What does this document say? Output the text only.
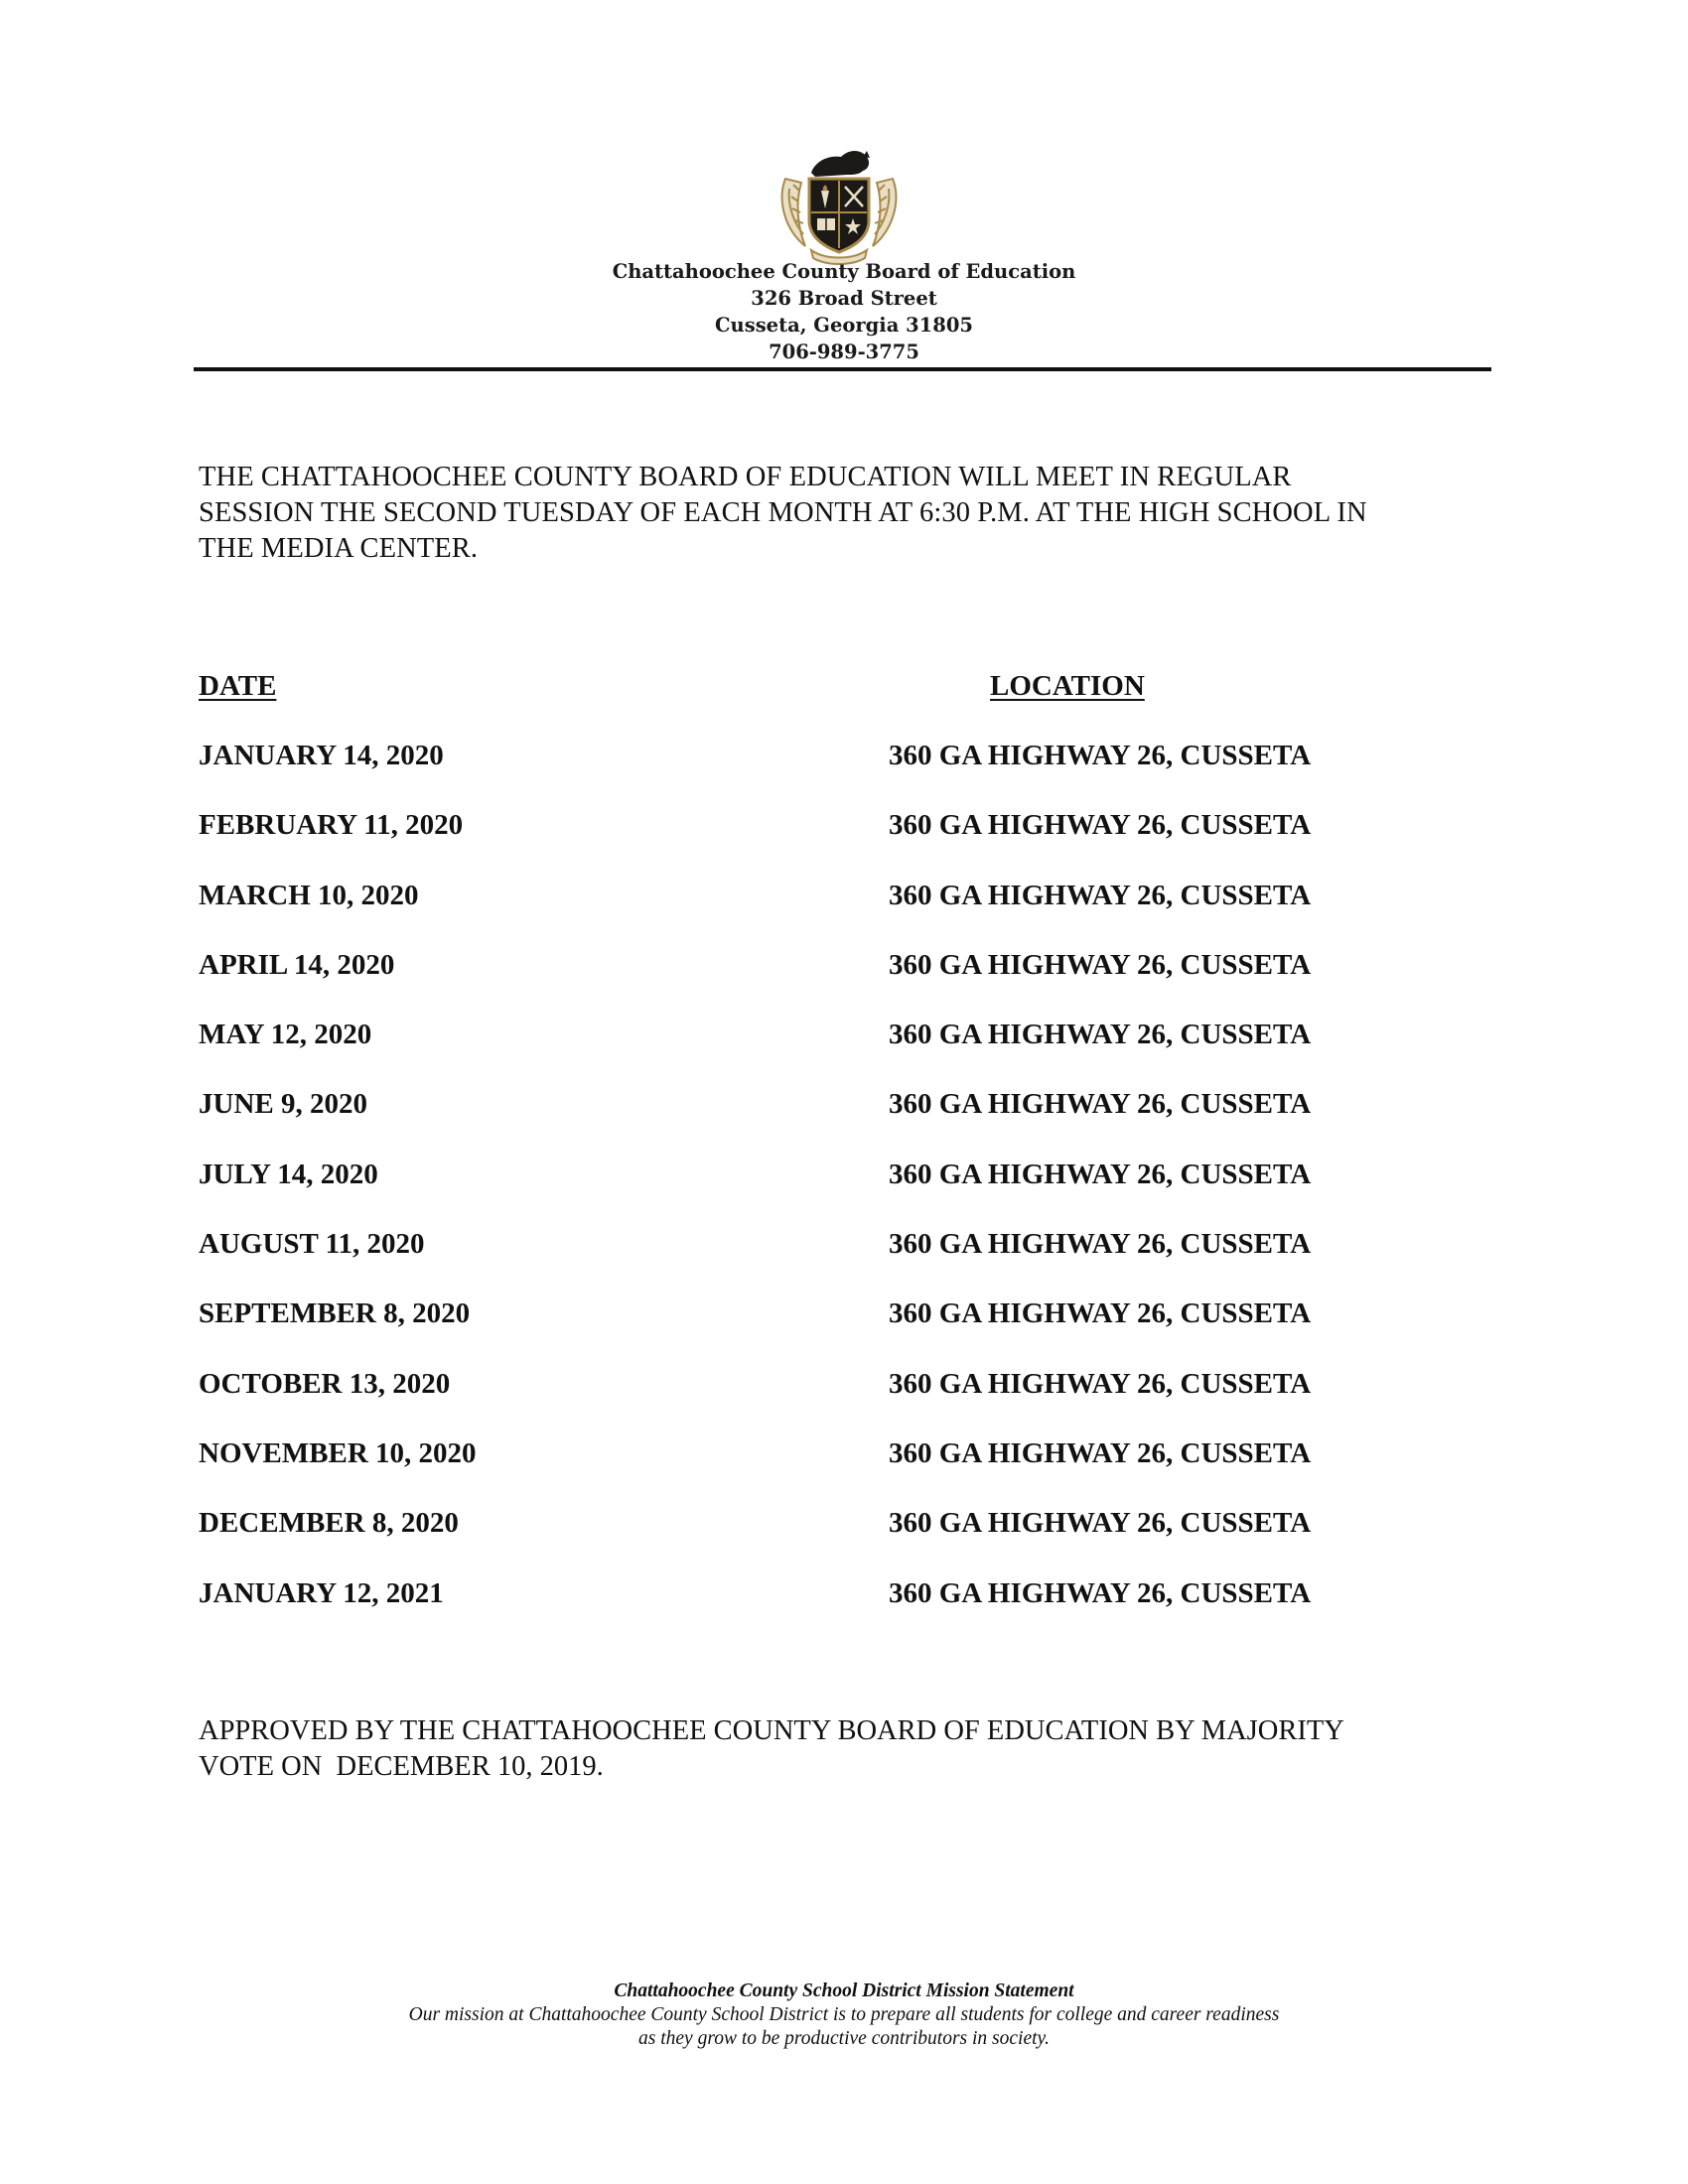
Chattahoochee County Board of Education
326 Broad Street
Cusseta, Georgia 31805
706-989-3775
THE CHATTAHOOCHEE COUNTY BOARD OF EDUCATION WILL MEET IN REGULAR
SESSION THE SECOND TUESDAY OF EACH MONTH AT 6:30 P.M. AT THE HIGH SCHOOL IN
THE MEDIA CENTER.
DATE	LOCATION
JANUARY 14, 2020	360 GA HIGHWAY 26, CUSSETA
FEBRUARY 11, 2020	360 GA HIGHWAY 26, CUSSETA
MARCH 10, 2020	360 GA HIGHWAY 26, CUSSETA
APRIL 14, 2020	360 GA HIGHWAY 26, CUSSETA
MAY 12, 2020	360 GA HIGHWAY 26, CUSSETA
JUNE 9, 2020	360 GA HIGHWAY 26, CUSSETA
JULY 14, 2020	360 GA HIGHWAY 26, CUSSETA
AUGUST 11, 2020	360 GA HIGHWAY 26, CUSSETA
SEPTEMBER 8, 2020	360 GA HIGHWAY 26, CUSSETA
OCTOBER 13, 2020	360 GA HIGHWAY 26, CUSSETA
NOVEMBER 10, 2020	360 GA HIGHWAY 26, CUSSETA
DECEMBER 8, 2020	360 GA HIGHWAY 26, CUSSETA
JANUARY 12, 2021	360 GA HIGHWAY 26, CUSSETA
APPROVED BY THE CHATTAHOOCHEE COUNTY BOARD OF EDUCATION BY MAJORITY
VOTE ON  DECEMBER 10, 2019.
Chattahoochee County School District Mission Statement
Our mission at Chattahoochee County School District is to prepare all students for college and career readiness
as they grow to be productive contributors in society.
